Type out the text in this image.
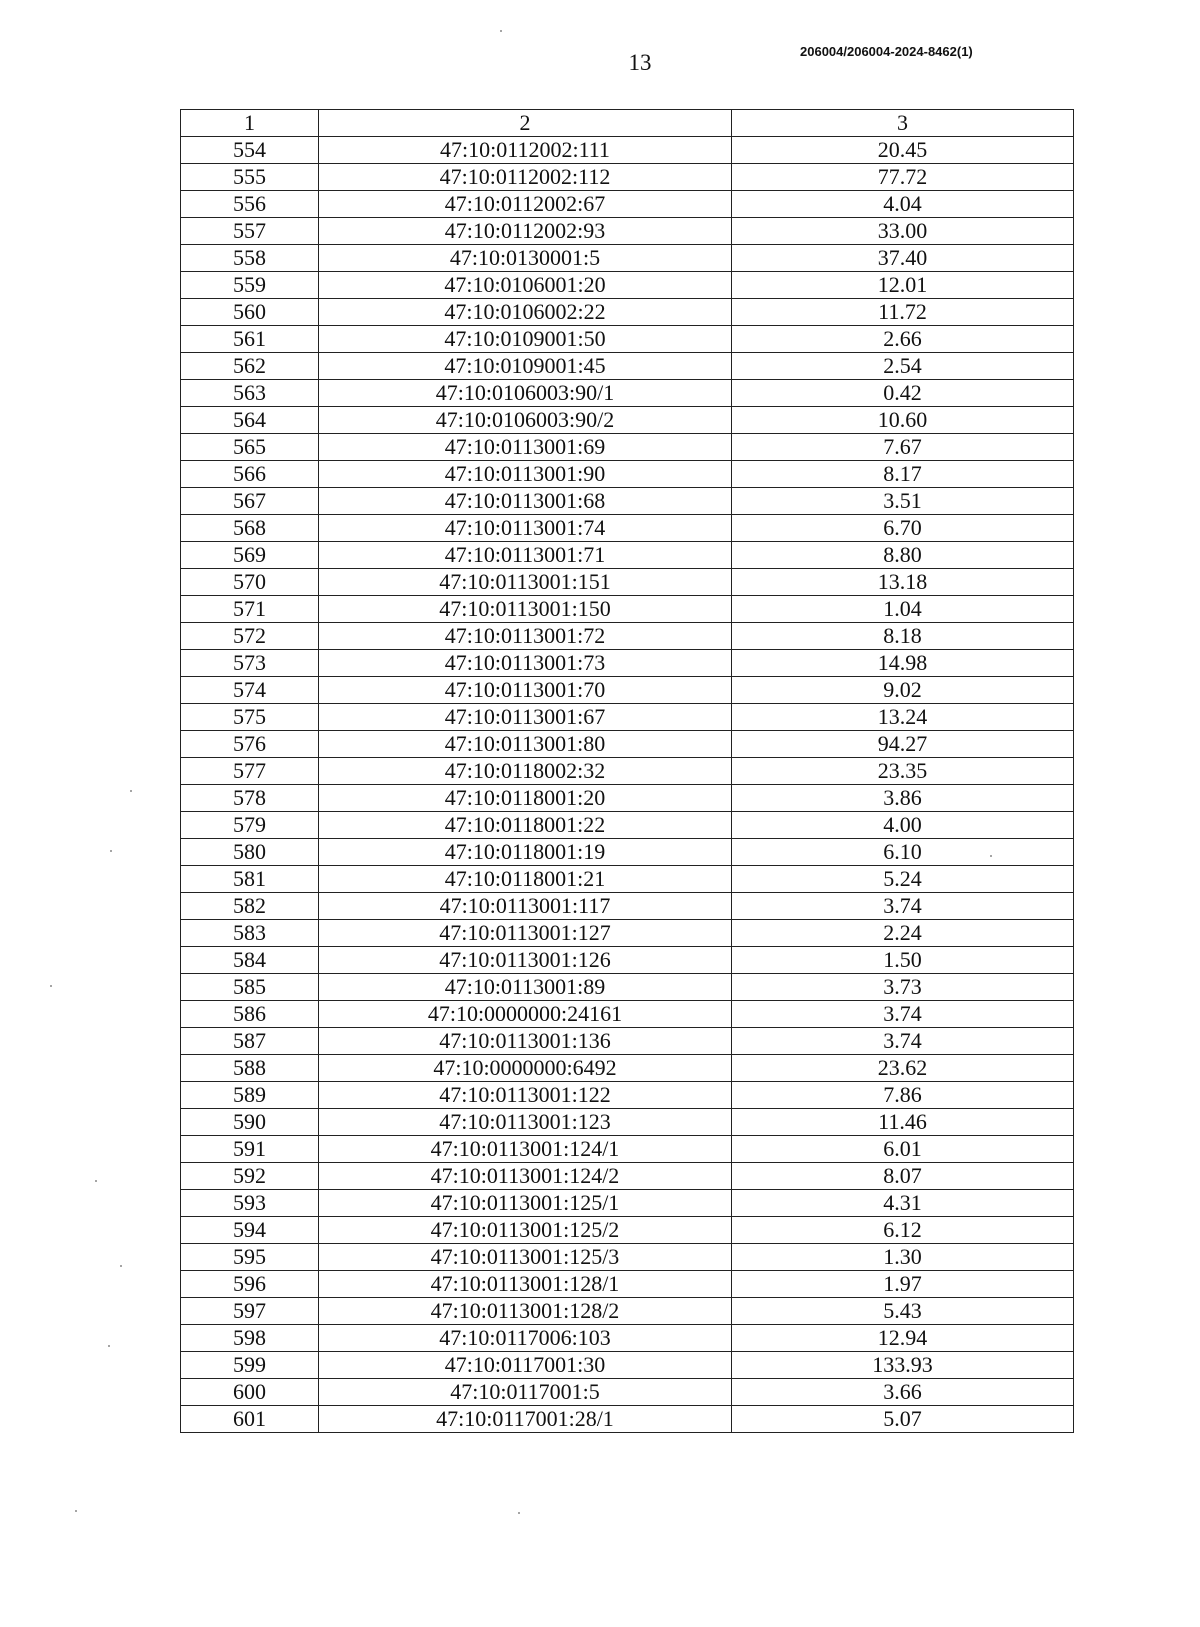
13	206004/206004-2024-8462(1)
1	2	3
554	47:10:0112002:111	20.45
555	47:10:0112002:112	77.72
556	47:10:0112002:67	4.04
557	47:10:0112002:93	33.00
558	47:10:0130001:5	37.40
559	47:10:0106001:20	12.01
560	47:10:0106002:22	11.72
561	47:10:0109001:50	2.66
562	47:10:0109001:45	2.54
563	47:10:0106003:90/1	0.42
564	47:10:0106003:90/2	10.60
565	47:10:0113001:69	7.67
566	47:10:0113001:90	8.17
567	47:10:0113001:68	3.51
568	47:10:0113001:74	6.70
569	47:10:0113001:71	8.80
570	47:10:0113001:151	13.18
571	47:10:0113001:150	1.04
572	47:10:0113001:72	8.18
573	47:10:0113001:73	14.98
574	47:10:0113001:70	9.02
575	47:10:0113001:67	13.24
576	47:10:0113001:80	94.27
577	47:10:0118002:32	23.35
578	47:10:0118001:20	3.86
579	47:10:0118001:22	4.00
580	47:10:0118001:19	6.10
581	47:10:0118001:21	5.24
582	47:10:0113001:117	3.74
583	47:10:0113001:127	2.24
584	47:10:0113001:126	1.50
585	47:10:0113001:89	3.73
586	47:10:0000000:24161	3.74
587	47:10:0113001:136	3.74
588	47:10:0000000:6492	23.62
589	47:10:0113001:122	7.86
590	47:10:0113001:123	11.46
591	47:10:0113001:124/1	6.01
592	47:10:0113001:124/2	8.07
593	47:10:0113001:125/1	4.31
594	47:10:0113001:125/2	6.12
595	47:10:0113001:125/3	1.30
596	47:10:0113001:128/1	1.97
597	47:10:0113001:128/2	5.43
598	47:10:0117006:103	12.94
599	47:10:0117001:30	133.93
600	47:10:0117001:5	3.66
601	47:10:0117001:28/1	5.07
